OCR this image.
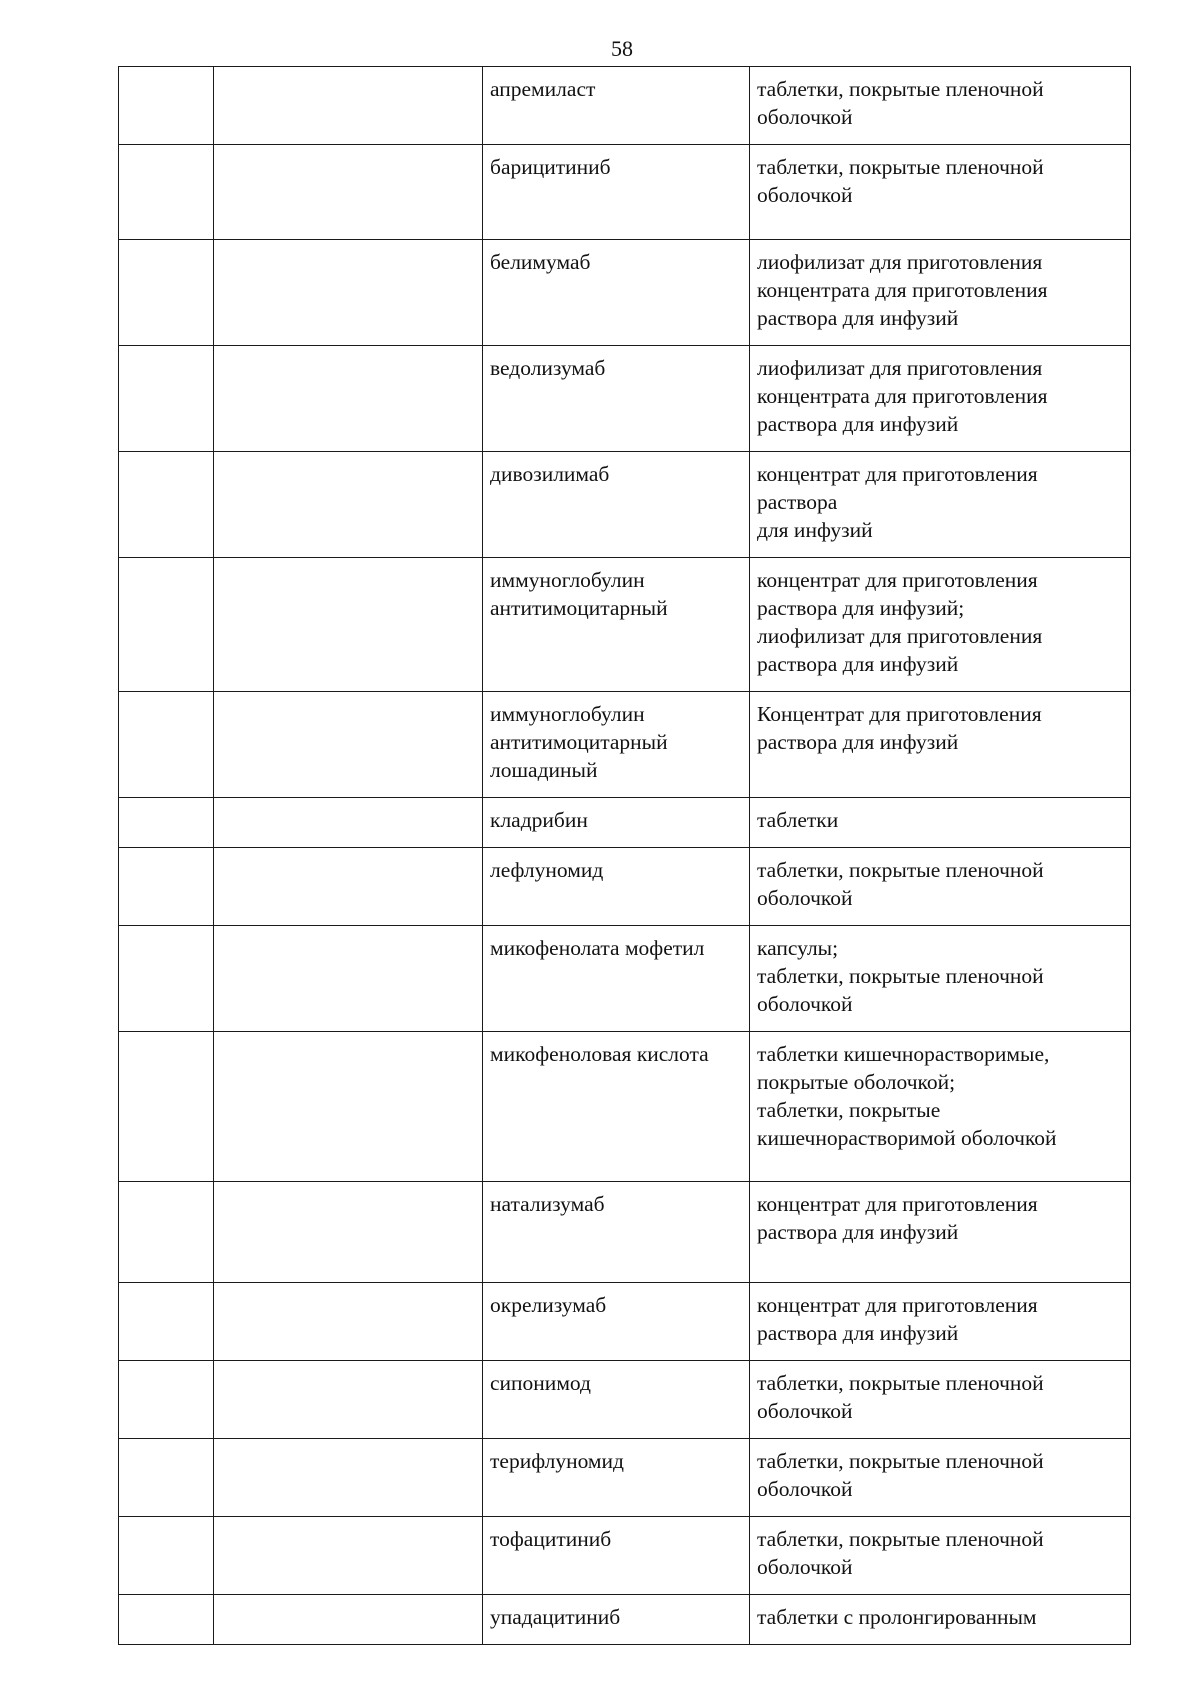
58
		апремиласт	таблетки, покрытые пленочной
оболочкой
		барицитиниб	таблетки, покрытые пленочной
оболочкой
		белимумаб	лиофилизат для приготовления
концентрата для приготовления
раствора для инфузий
		ведолизумаб	лиофилизат для приготовления
концентрата для приготовления
раствора для инфузий
		дивозилимаб	концентрат для приготовления
раствора
для инфузий
		иммуноглобулин
антитимоцитарный	концентрат для приготовления
раствора для инфузий;
лиофилизат для приготовления
раствора для инфузий
		иммуноглобулин
антитимоцитарный
лошадиный	Концентрат для приготовления
раствора для инфузий
		кладрибин	таблетки
		лефлуномид	таблетки, покрытые пленочной
оболочкой
		микофенолата мофетил	капсулы;
таблетки, покрытые пленочной
оболочкой
		микофеноловая кислота	таблетки кишечнорастворимые,
покрытые оболочкой;
таблетки, покрытые
кишечнорастворимой оболочкой
		натализумаб	концентрат для приготовления
раствора для инфузий
		окрелизумаб	концентрат для приготовления
раствора для инфузий
		сипонимод	таблетки, покрытые пленочной
оболочкой
		терифлуномид	таблетки, покрытые пленочной
оболочкой
		тофацитиниб	таблетки, покрытые пленочной
оболочкой
		упадацитиниб	таблетки с пролонгированным
